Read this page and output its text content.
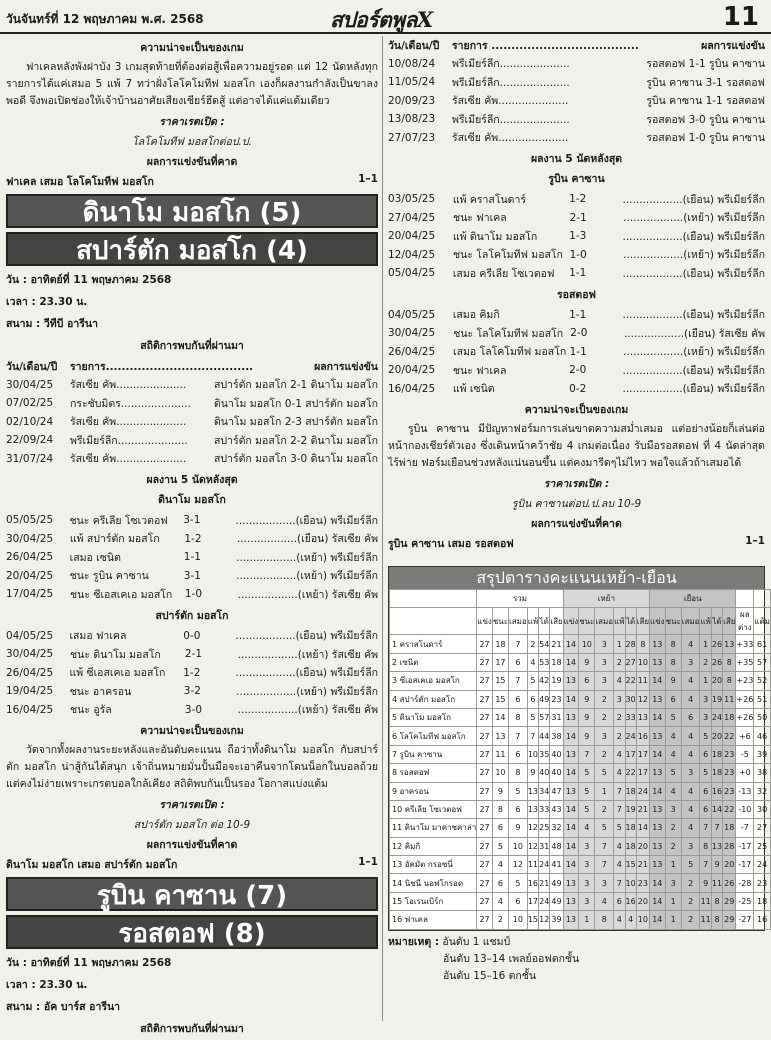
วันจันทร์ที่ 12 พฤษภาคม พ.ศ. 2568	สปอร์ตพูลX	11
ความน่าจะเป็นของเกม
ฟาเคลหลังพังฝาบัง 3 เกมสุดท้ายที่ต้องต่อสู้เพื่อความอยู่รอด แต่ 12 นัดหลังทุกรายการได้แค่เสมอ 5 แพ้ 7 ทว่าฝั่งโลโคโมทีฟ มอสโก เองก็ผลงานกำลังเป็นขาลงพอดี จึงพอเปิดช่องให้เจ้าบ้านอาศัยเสียงเชียร์ฮึดสู้ แต่อาจได้แค่แต้มเดียว
ราคาเรตเปิด :
โลโคโมทีฟ มอสโกต่อป.ป.
ผลการแข่งขันที่คาด
ฟาเคล เสมอ โลโคโมทีฟ มอสโก	1–1
ดินาโม มอสโก (5)
สปาร์ตัก มอสโก (4)
วัน : อาทิตย์ที่ 11 พฤษภาคม 2568
เวลา : 23.30 น.
สนาม : วีทีบี อารีนา
สถิติการพบกันที่ผ่านมา
วัน/เดือน/ปี	รายการ.....................................	ผลการแข่งขัน
30/04/25	รัสเซีย คัพ.....................	สปาร์ตัก มอสโก 2-1 ดินาโม มอสโก
07/02/25	กระชับมิตร.....................	ดินาโม มอสโก 0-1 สปาร์ตัก มอสโก
02/10/24	รัสเซีย คัพ.....................	ดินาโม มอสโก 2-3 สปาร์ตัก มอสโก
22/09/24	พรีเมียร์ลีก.....................	สปาร์ตัก มอสโก 2-2 ดินาโม มอสโก
31/07/24	รัสเซีย คัพ.....................	สปาร์ตัก มอสโก 3-0 ดินาโม มอสโก
ผลงาน 5 นัดหลังสุด
ดินาโม มอสโก
05/05/25	ชนะ ครีเลีย โซเวตอฟ	3-1	..................(เยือน) พรีเมียร์ลีก
30/04/25	แพ้ สปาร์ตัก มอสโก	1-2	..................(เยือน) รัสเซีย คัพ
26/04/25	เสมอ เซนิต	1-1	..................(เหย้า) พรีเมียร์ลีก
20/04/25	ชนะ รูบิน คาซาน	3-1	..................(เหย้า) พรีเมียร์ลีก
17/04/25	ชนะ ซีเอสเคเอ มอสโก	1-0	..................(เหย้า) รัสเซีย คัพ
สปาร์ตัก มอสโก
04/05/25	เสมอ ฟาเคล	0-0	..................(เยือน) พรีเมียร์ลีก
30/04/25	ชนะ ดินาโม มอสโก	2-1	..................(เหย้า) รัสเซีย คัพ
26/04/25	แพ้ ซีเอสเคเอ มอสโก	1-2	..................(เยือน) พรีเมียร์ลีก
19/04/25	ชนะ อาครอน	3-2	..................(เหย้า) พรีเมียร์ลีก
16/04/25	ชนะ อูรัล	3-0	..................(เหย้า) รัสเซีย คัพ
ความน่าจะเป็นของเกม
วัดจากทั้งผลงานระยะหลังและอันดับคะแนน ถือว่าทั้งดินาโม มอสโก กับสปาร์ตัก มอสโก น่าสู้กันได้สนุก เจ้าถิ่นหมายมั่นปั้นมือจะเอาคืนจากโดนน็อกในบอลถ้วย แต่คงไม่ง่ายเพราะเกรดบอลใกล้เคียง สถิติพบกันเป็นรอง โอกาสแบ่งแต้ม
ราคาเรตเปิด :
สปาร์ตัก มอสโก ต่อ 10-9
ผลการแข่งขันที่คาด
ดินาโม มอสโก เสมอ สปาร์ตัก มอสโก	1–1
รูบิน คาซาน (7)
รอสตอฟ (8)
วัน : อาทิตย์ที่ 11 พฤษภาคม 2568
เวลา : 23.30 น.
สนาม : อัค บาร์ส อารีนา
สถิติการพบกันที่ผ่านมา
วัน/เดือน/ปี	รายการ .....................................	ผลการแข่งขัน
10/08/24	พรีเมียร์ลีก.....................	รอสตอฟ 1-1 รูบิน คาซาน
11/05/24	พรีเมียร์ลีก.....................	รูบิน คาซาน 3-1 รอสตอฟ
20/09/23	รัสเซีย คัพ.....................	รูบิน คาซาน 1-1 รอสตอฟ
13/08/23	พรีเมียร์ลีก.....................	รอสตอฟ 3-0 รูบิน คาซาน
27/07/23	รัสเซีย คัพ.....................	รอสตอฟ 1-0 รูบิน คาซาน
ผลงาน 5 นัดหลังสุด
รูบิน คาซาน
03/05/25	แพ้ คราสโนดาร์	1-2	..................(เยือน) พรีเมียร์ลีก
27/04/25	ชนะ ฟาเคล	2-1	..................(เหย้า) พรีเมียร์ลีก
20/04/25	แพ้ ดินาโม มอสโก	1-3	..................(เยือน) พรีเมียร์ลีก
12/04/25	ชนะ โลโคโมทีฟ มอสโก 1-0	..................(เหย้า) พรีเมียร์ลีก
05/04/25	เสมอ ครีเลีย โซเวตอฟ	1-1	..................(เยือน) พรีเมียร์ลีก
รอสตอฟ
04/05/25	เสมอ คิมกิ	1-1	..................(เยือน) พรีเมียร์ลีก
30/04/25	ชนะ โลโคโมทีฟ มอสโก 2-0	..................(เยือน) รัสเซีย คัพ
26/04/25	เสมอ โลโคโมทีฟ มอสโก 1-1	..................(เหย้า) พรีเมียร์ลีก
20/04/25	ชนะ ฟาเคล	2-0	..................(เยือน) พรีเมียร์ลีก
16/04/25	แพ้ เซนิต	0-2	..................(เยือน) พรีเมียร์ลีก
ความน่าจะเป็นของเกม
รูบิน คาซาน มีปัญหาฟอร์มการเล่นขาดความสม่ำเสมอ แต่อย่างน้อยก็เล่นต่อหน้ากองเชียร์ตัวเอง ซึ่งเดินหน้าคว้าชัย 4 เกมต่อเนื่อง รับมือรอสตอฟ ที่ 4 นัดล่าสุดไร้พ่าย ฟอร์มเยือนช่วงหลังแน่นอนขึ้น แต่คงมารีดๆไม่ไหว พอใจแล้วถ้าเสมอได้
ราคาเรตเปิด :
รูบิน คาซานต่อป.ป.ลบ 10-9
ผลการแข่งขันที่คาด
รูบิน คาซาน เสมอ รอสตอฟ	1–1
สรุปตารางคะแนนเหย้า-เยือน
	รวม						เหย้า						เยือน							
	แข่ง	ชนะ	เสมอ	แพ้	ได้	เสีย	แข่ง	ชนะ	เสมอ	แพ้	ได้	เสีย	แข่ง	ชนะ	เสมอ	แพ้	ได้	เสีย	ผลต่าง	แต้ม
1 คราสโนดาร์	27	18	7	2	54	21	14	10	3	1	28	8	13	8	4	1	26	13	+33	61
2 เซนิต	27	17	6	4	53	18	14	9	3	2	27	10	13	8	3	2	26	8	+35	57
3 ซีเอสเคเอ มอสโก	27	15	7	5	42	19	13	6	3	4	22	11	14	9	4	1	20	8	+23	52
4 สปาร์ตัก มอสโก	27	15	6	6	49	23	14	9	2	3	30	12	13	6	4	3	19	11	+26	51
5 ดินาโม มอสโก	27	14	8	5	57	31	13	9	2	2	33	13	14	5	6	3	24	18	+26	50
6 โลโคโมทีฟ มอสโก	27	13	7	7	44	38	14	9	3	2	24	16	13	4	4	5	20	22	+6	46
7 รูบิน คาซาน	27	11	6	10	35	40	13	7	2	4	17	17	14	4	4	6	18	23	-5	39
8 รอสตอฟ	27	10	8	9	40	40	14	5	5	4	22	17	13	5	3	5	18	23	+0	38
9 อาครอน	27	9	5	13	34	47	13	5	1	7	18	24	14	4	4	6	16	23	-13	32
10 ครีเลีย โซเวตอฟ	27	8	6	13	33	43	14	5	2	7	19	21	13	3	4	6	14	22	-10	30
11 ดินาโม มาคาชคาล่า	27	6	9	12	25	32	14	4	5	5	18	14	13	2	4	7	7	18	-7	27
12 คิมกิ	27	5	10	12	31	48	14	3	7	4	18	20	13	2	3	8	13	28	-17	25
13 อัคมัต กรอซนี่	27	4	12	11	24	41	14	3	7	4	15	21	13	1	5	7	9	20	-17	24
14 นิชนี นอฟโกรอด	27	6	5	16	21	49	13	3	3	7	10	23	14	3	2	9	11	26	-28	23
15 โอเรนเบิร์ก	27	4	6	17	24	49	13	3	4	6	16	20	14	1	2	11	8	29	-25	18
16 ฟาเคล	27	2	10	15	12	39	13	1	8	4	4	10	14	1	2	11	8	29	-27	16
หมายเหตุ : อันดับ 1 แชมป์
อันดับ 13–14 เพลย์ออฟตกชั้น
อันดับ 15–16 ตกชั้น
